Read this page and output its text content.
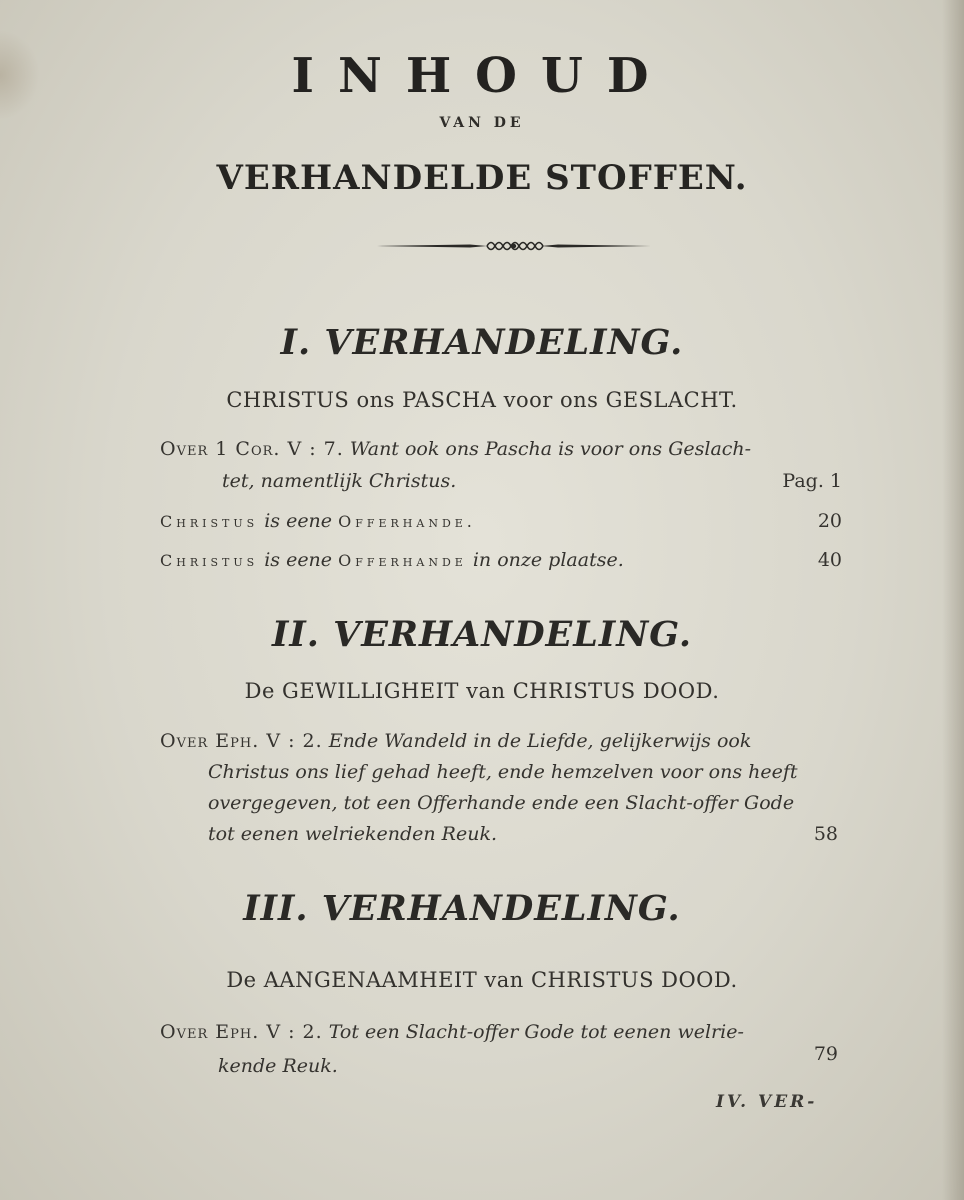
INHOUD
VAN DE
VERHANDELDE STOFFEN.
I. VERHANDELING.
CHRISTUS ons PASCHA voor ons GESLACHT.
Over 1 Cor. V : 7. Want ook ons Pascha is voor ons Geslach-
tet, namentlijk Christus.	Pag. 1
Christus is eene Offerhande.	20
Christus is eene Offerhande in onze plaatse.	40
II. VERHANDELING.
De GEWILLIGHEIT van CHRISTUS DOOD.
Over Eph. V : 2. Ende Wandeld in de Liefde, gelijkerwijs ook
Christus ons lief gehad heeft, ende hemzelven voor ons heeft
overgegeven, tot een Offerhande ende een Slacht-offer Gode
tot eenen welriekenden Reuk.	58
III. VERHANDELING.
De AANGENAAMHEIT van CHRISTUS DOOD.
Over Eph. V : 2. Tot een Slacht-offer Gode tot eenen welrie-
kende Reuk.
79
IV. VER-
